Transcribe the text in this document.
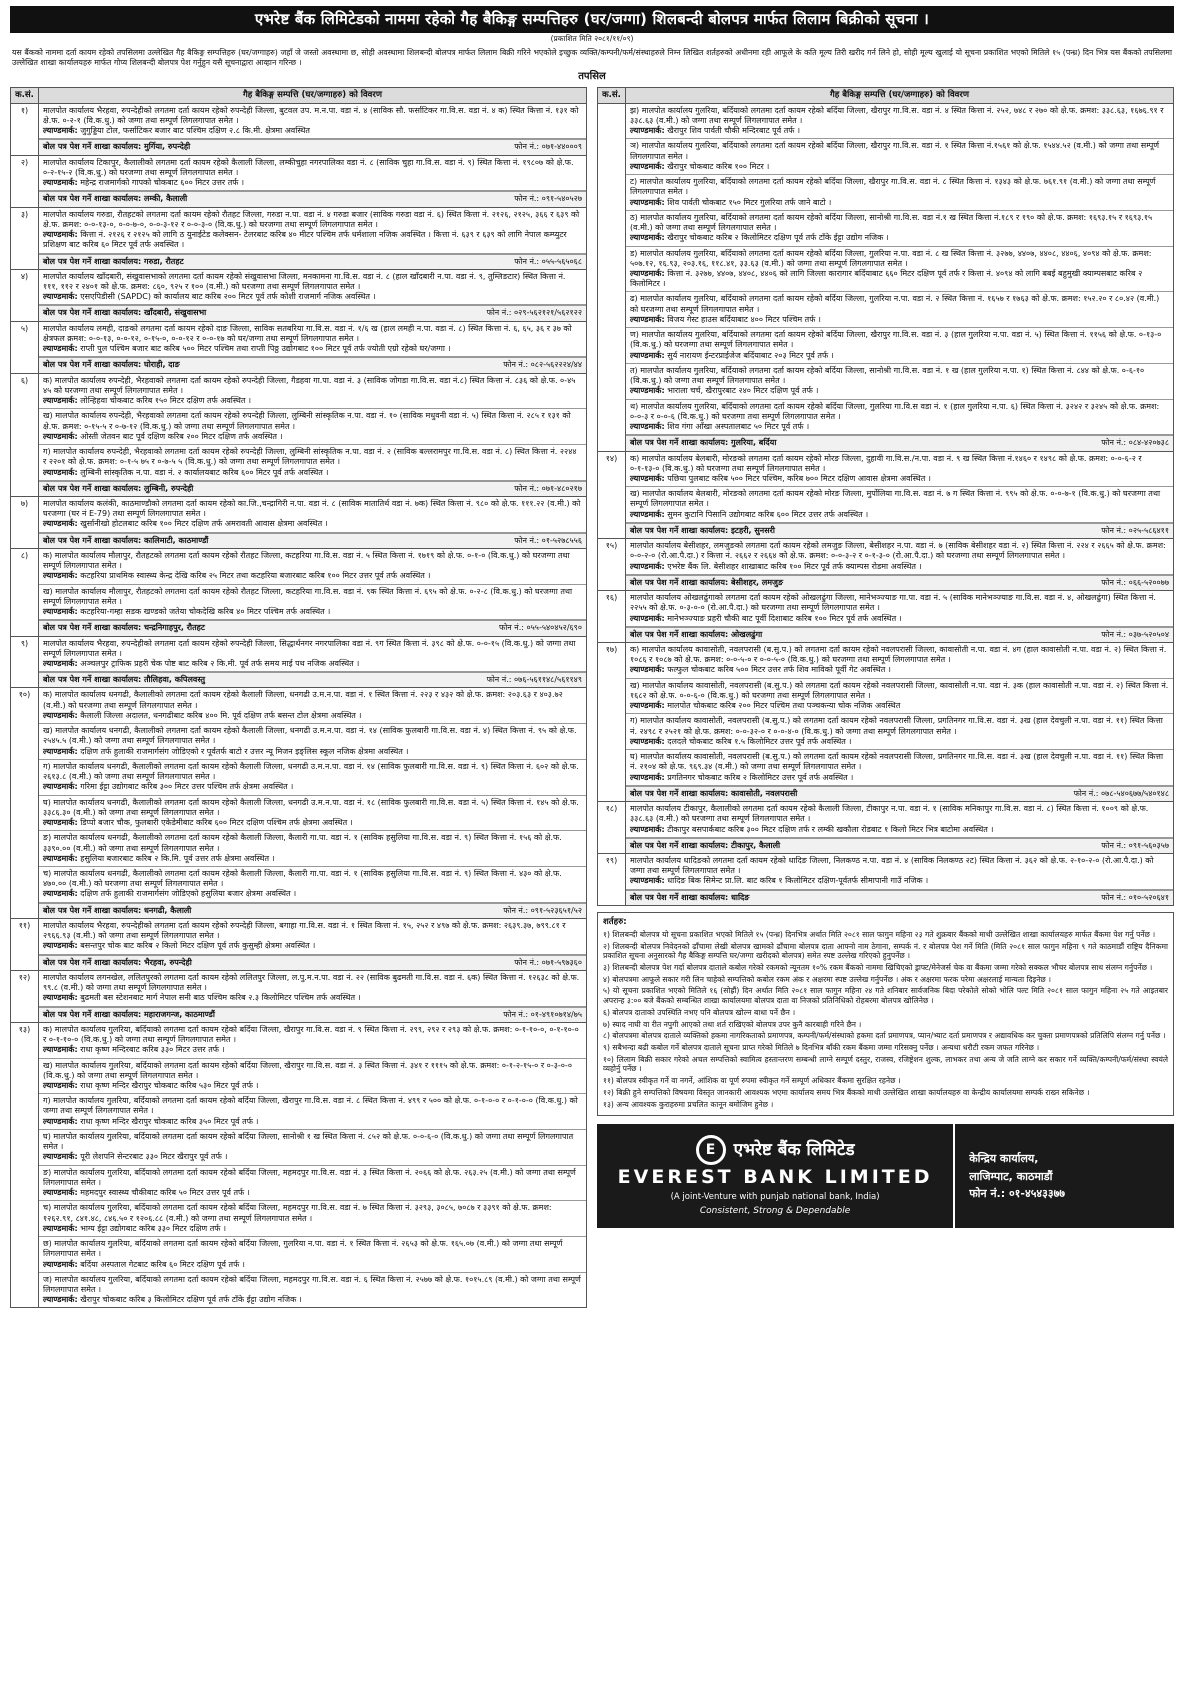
एभरेष्ट बैंक लिमिटेडको नाममा रहेको गैह बैकिङ्ग सम्पत्तिहरु (घर/जग्गा) शिलबन्दी बोलपत्र मार्फत लिलाम बिक्रीको सूचना ।
(प्रकाशित मिति २०८१/११/०९)

यस बैंकको नाममा दर्ता कायम रहेको तपसिलमा उल्लेखित गैह बैकिङ्ग सम्पत्तिहरु (घर/जग्गाहरु) जहाँ जे जस्तो अवस्थामा छ, सोही अवस्थामा शिलबन्दी बोलपत्र मार्फत लिलाम बिक्री गरिने भएकोले इच्छुक व्यक्ति/कम्पनी/फर्म/संस्थाहरुले निम्न लिखित शर्तहरुको अधीनमा रही आफूले के कति मूल्य तिरी खरीद गर्न लिने हो, सोही मूल्य खुलाई यो सूचना प्रकाशित भएको मितिले १५ (पन्ध्र) दिन भित्र यस बैंकको तपसिलमा उल्लेखित शाखा कार्यालयहरु मार्फत गोप्य शिलबन्दी बोलपत्र पेश गर्नुहुन यसै सूचनाद्वारा आव्हान गरिन्छ ।

तपसिल
क.सं.	गैह बैकिङ्ग सम्पत्ति (घर/जग्गाहरु) को विवरण
१)	मालपोत कार्यालय भैरहवा, रुपन्देहीको लगतमा दर्ता कायम रहेको रुपन्देही जिल्ला, बुटवल उप. म.न.पा. वडा नं. ४ (साविक सौ. फर्साटिकर गा.वि.स. वडा नं. ४ क) स्थित कित्ता नं. १३१ को क्षे.फ. ०-२-१ (वि.क.धु.) को जग्गा तथा सम्पूर्ण लिगलगापात समेत ।
ल्याण्डमार्क: जुगुड्डिया टोल, फर्साटिकर बजार बाट पश्चिम दक्षिण २.८ कि.मी. क्षेत्रमा अवस्थित
बोल पत्र पेश गर्ने शाखा कार्यालय: मुर्गिया, रुपन्देही	फोन नं.: ०७१-४४०००९
२)	मालपोत कार्यालय टिकापुर, कैलालीको लगतमा दर्ता कायम रहेको कैलाली जिल्ला, लम्कीचुहा नगरपालिका वडा नं. ८ (साविक चुहा गा.वि.स. वडा नं. ९) स्थित कित्ता नं. १९८०७ को क्षे.फ. ०-२-१५-२ (वि.क.धु.) को घरजग्गा तथा सम्पूर्ण लिगलगापात समेत ।
ल्याण्डमार्क: महेन्द्र राजमार्गको गापको चोकबाट ६०० मिटर उत्तर तर्फ ।
बोल पत्र पेश गर्ने शाखा कार्यालय: लम्की, कैलाली	फोन नं.: ०९१-५४०५२७
३)	मालपोत कार्यालय गरुडा, रौतहटको लगतमा दर्ता कायम रहेको रौतहट जिल्ला, गरुडा न.पा. वडा नं. ४ गरुडा बजार (साविक गरुडा वडा नं. ६) स्थित कित्ता नं. २१२६, २१२५, ३६६ र ६३९ को क्षे.फ. क्रमश: ०-०-१३-०, ०-०-७-०, ०-०-३-१२ र ०-०-३-० (वि.क.धु.) को घरजग्गा तथा सम्पूर्ण लिगलगापात समेत ।
ल्याण्डमार्क: कित्ता नं. २१२६ र २१२५ को लागि ठ युनाईटेड कलेक्सन- टेलरबाट करिब ४० मीटर पश्चिम तर्फ धर्मशाला नजिक अवस्थित । कित्ता नं. ६३९ र ६३९ को लागि नेपाल कम्प्युटर प्रशिक्षण बाट करिब ६० मिटर पूर्व तर्फ अवस्थित ।
बोल पत्र पेश गर्ने शाखा कार्यालय: गरुडा, रौतहट	फोन नं.: ०५५-५६५०६८
४)	मालपोत कार्यालय खाँदबारी, संखुवासभाको लगतमा दर्ता कायम रहेको संखुवासभा जिल्ला, मनकामना गा.वि.स. वडा नं. ८ (हाल खाँदबारी न.पा. वडा नं. ९, तुम्लिङटार) स्थित कित्ता नं. १११, ११२ र २४०१ को क्षे.फ. क्रमश: ८६०, ९२५ र १०० (व.मी.) को घरजग्गा तथा सम्पूर्ण लिगलगापात समेत ।
ल्याण्डमार्क: एसएपिडीसी (SAPDC) को कार्यालय बाट करिब २०० मिटर पूर्व तर्फ कोशी राजमार्ग नजिक अवस्थित ।
बोल पत्र पेश गर्ने शाखा कार्यालय: खाँदबारी, संखुवासभा	फोन नं.: ०२९-५६२१२१/५६२१२२
५)	मालपोत कार्यालय लमही, दाङको लगतमा दर्ता कायम रहेको दाङ जिल्ला, साविक सतबरिया गा.वि.स. वडा नं. १/६ ख (हाल लमही न.पा. वडा नं. ८) स्थित कित्ता नं. ६, ६५, ३६ र ३७ को क्षेत्रफल क्रमश: ०-०-१३, ०-०-१२, ०-१५-०, ०-०-१२ र ०-०-१७ को घर/जग्गा तथा सम्पूर्ण लिगलगापात समेत ।
ल्याण्डमार्क: राप्ती पुल पश्चिम बजार बाट करिब ५०० मिटर पश्चिम तथा राप्ती पिठ्ठ उद्योगबाट १०० मिटर पूर्व तर्फ ज्योती एग्रो रहेको घर/जग्गा ।
बोल पत्र पेश गर्ने शाखा कार्यालय: घोराही, दाङ	फोन नं.: ०८२-५६२२२४/४४
६)	क) मालपोत कार्यालय रुपन्देही, भैरहवाको लगतमा दर्ता कायम रहेको रुपन्देही जिल्ला, गैडहवा गा.पा. वडा नं. ३ (साविक जोगडा गा.वि.स. वडा नं.८) स्थित कित्ता नं. ८३६ को क्षे.फ. ०-४५ ४५ को घरजग्गा तथा सम्पूर्ण लिगलगापात समेत ।
ल्याण्डमार्क: लोन्हिहवा चोकबाट करिब १५० मिटर दक्षिण तर्फ अवस्थित ।
ख) मालपोत कार्यालय रुपन्देही, भैरहवाको लगतमा दर्ता कायम रहेको रुपन्देही जिल्ला, लुम्बिनी सांस्कृतिक न.पा. वडा नं. १० (साविक मधुवनी वडा नं. ५) स्थित कित्ता नं. २८५ र १३१ को क्षे.फ. क्रमश: ०-१५-५ र ०-७-१२ (वि.क.धु.) को जग्गा तथा सम्पूर्ण लिगलगापात समेत ।
ल्याण्डमार्क: ओस्ती जेतवन बाट पूर्व दक्षिण करिब २०० मिटर दक्षिण तर्फ अवस्थित ।
ग) मालपोत कार्यालय रुपन्देही, भैरहवाको लगतमा दर्ता कायम रहेको रुपन्देही जिल्ला, लुम्बिनी सांस्कृतिक न.पा. वडा नं. २ (साविक बल्लरामपुर गा.वि.स. वडा नं. ८) स्थित कित्ता नं. २२४४ र २२०१ को क्षे.फ. क्रमश: ०-१-५ ७५ र ०-७-५ ५ (वि.क.धु.) को जग्गा तथा सम्पूर्ण लिगलगापात समेत ।
ल्याण्डमार्क: लुम्बिनी सांस्कृतिक न.पा. वडा नं. २ कार्यालयबाट करिब ६०० मिटर पूर्व तर्फ अवस्थित ।
बोल पत्र पेश गर्ने शाखा कार्यालय: लुम्बिनी, रुपन्देही	फोन नं.: ०७१-४८०२१७
७)	मालपोत कार्यालय कलंकी, काठमाण्डौको लगतमा दर्ता कायम रहेको का.जि.,चन्द्रागिरी न.पा. वडा नं. ८ (साविक मातातिर्थ वडा नं. ७क) स्थित कित्ता नं. ९८० को क्षे.फ. १११.२२ (व.मी.) को घरजग्गा (घर नं E-79) तथा सम्पूर्ण लिगलगापात समेत ।
ल्याण्डमार्क: खुर्सानीखो होटलबाट करिब १०० मिटर दक्षिण तर्फ अमरावती आवास क्षेत्रमा अवस्थित ।
बोल पत्र पेश गर्ने शाखा कार्यालय: कालिमाटी, काठमाण्डौं	फोन नं.: ०१-५२७८५५६
८)	क) मालपोत कार्यालय मौलापुर, रौतहटको लगतमा दर्ता कायम रहेको रौतहट जिल्ला, कटहरिया गा.वि.स. वडा नं. ५ स्थित कित्ता नं. १७१९ को क्षे.फ. ०-१-० (वि.क.धु.) को घरजग्गा तथा सम्पूर्ण लिगलगापात समेत ।
ल्याण्डमार्क: कटहरिया प्राथमिक स्वास्थ्य केन्द्र देखि करिब २५ मिटर तथा कटहरिया बजारबाट करिब १०० मिटर उत्तर पूर्व तर्फ अवस्थित ।
ख) मालपोत कार्यालय मौलापुर, रौतहटको लगतमा दर्ता कायम रहेको रौतहट जिल्ला, कटहरिया गा.वि.स. वडा नं. ९क स्थित कित्ता नं. ६९५ को क्षे.फ. ०-२-८ (वि.क.धु.) को घरजग्गा तथा सम्पूर्ण लिगलगापात समेत ।
ल्याण्डमार्क: कटहरिया-गम्हा सडक खण्डको जतेया चोकदेखि करिब ४० मिटर पश्चिम तर्फ अवस्थित ।
बोल पत्र पेश गर्ने शाखा कार्यालय: चन्द्रनिगाहपुर, रौतहट	फोन नं.: ०५५-५४०४५२/६९०
९)	मालपोत कार्यालय भैरहवा, रुपन्देहीको लगतमा दर्ता कायम रहेको रुपन्देही जिल्ला, सिद्धार्थनगर नगरपालिका वडा नं. ९ग स्थित कित्ता नं. ३९८ को क्षे.फ. ०-०-१५ (वि.क.धु.) को जग्गा तथा सम्पूर्ण लिगलगापात समेत ।
ल्याण्डमार्क: अञ्चलपुर ट्राफिक प्रहरी चेक पोष्ट बाट करिब २ कि.मी. पूर्व तर्फ समय माई पथ नजिक अवस्थित ।
बोल पत्र पेश गर्ने शाखा कार्यालय: तौलिहवा, कपिलवस्तु	फोन नं.: ०७६-५६११४८/५६११४९
१०)	क) मालपोत कार्यालय धनगढी, कैलालीको लगतमा दर्ता कायम रहेको कैलाली जिल्ला, धनगढी उ.म.न.पा. वडा नं. १ स्थित कित्ता नं. २२३ र ४३२ को क्षे.फ. क्रमश: २०३.६३ र ४०३.७२ (व.मी.) को घरजग्गा तथा सम्पूर्ण लिगलगापात समेत ।
ल्याण्डमार्क: कैलाली जिल्ला अदालत, धनगढीबाट करिब ४०० मि. पूर्व दक्षिण तर्फ बसन्त टोल क्षेत्रमा अवस्थित ।
ख) मालपोत कार्यालय धनगढी, कैलालीको लगतमा दर्ता कायम रहेको कैलाली जिल्ला, धनगढी उ.म.न.पा. वडा नं. १४ (साविक फुलबारी गा.वि.स. वडा नं. ४) स्थित कित्ता नं. ९५ को क्षे.फ. २५४५.५ (व.मी.) को जग्गा तथा सम्पूर्ण लिगलगापात समेत ।
ल्याण्डमार्क: दक्षिण तर्फ हुलाकी राजमार्गसंग जोडिएको र पूर्वतर्फ बाटो र उत्तर न्यू मिजन इङ्लिस स्कूल नजिक क्षेत्रमा अवस्थित ।
ग) मालपोत कार्यालय धनगढी, कैलालीको लगतमा दर्ता कायम रहेको कैलाली जिल्ला, धनगढी उ.म.न.पा. वडा नं. १४ (साविक फुलबारी गा.वि.स. वडा नं. ९) स्थित कित्ता नं. ६०२ को क्षे.फ. २६१३.८ (व.मी.) को जग्गा तथा सम्पूर्ण लिगलगापात समेत ।
ल्याण्डमार्क: गरिमा ईट्टा उद्योगबाट करिब ३०० मिटर उत्तर पश्चिम तर्फ क्षेत्रमा अवस्थित ।
घ) मालपोत कार्यालय धनगढी, कैलालीको लगतमा दर्ता कायम रहेको कैलाली जिल्ला, धनगढी उ.म.न.पा. वडा नं. १८ (साविक फुलबारी गा.वि.स. वडा नं. ५) स्थित कित्ता नं. १४५ को क्षे.फ. ३३८६.३० (व.मी.) को जग्गा तथा सम्पूर्ण लिगलगापात समेत ।
ल्याण्डमार्क: डिप्पो बजार चौक, फुलबारी एकेडेमीबाट करिब ६०० मिटर दक्षिण पश्चिम तर्फ क्षेत्रमा अवस्थित ।
ङ) मालपोत कार्यालय धनगढी, कैलालीको लगतमा दर्ता कायम रहेको कैलाली जिल्ला, कैलारी गा.पा. वडा नं. १ (साविक हसुलिया गा.वि.स. वडा नं. ९) स्थित कित्ता नं. १५६ को क्षे.फ. ३३९०.०० (व.मी.) को जग्गा तथा सम्पूर्ण लिगलगापात समेत ।
ल्याण्डमार्क: हसुलिया बजारबाट करिब २ कि.मि. पूर्व उत्तर तर्फ क्षेत्रमा अवस्थित ।
च) मालपोत कार्यालय धनगढी, कैलालीको लगतमा दर्ता कायम रहेको कैलाली जिल्ला, कैलारी गा.पा. वडा नं. १ (साविक हसुलिया गा.वि.स. वडा नं. ९) स्थित कित्ता नं. ४३० को क्षे.फ. ४७०.०० (व.मी.) को घरजग्गा तथा सम्पूर्ण लिगलगापात समेत ।
ल्याण्डमार्क: दक्षिण तर्फ हुलाकी राजमार्गसंग जोडिएको हसुलिया बजार क्षेत्रमा अवस्थित ।
बोल पत्र पेश गर्ने शाखा कार्यालय: धनगढी, कैलाली	फोन नं.: ०९१-५२३६५१/५२
११)	मालपोत कार्यालय भैरहवा, रुपन्देहीको लगतमा दर्ता कायम रहेको रुपन्देही जिल्ला, बगाहा गा.वि.स. वडा नं. १ स्थित कित्ता नं. १५, २५२ र ४९७ को क्षे.फ. क्रमश: २६३९.३७, ७९९.८१ र २९६६.९३ (व.मी.) को जग्गा तथा सम्पूर्ण लिगलगापात समेत ।
ल्याण्डमार्क: बसन्तपुर चोक बाट करिब २ किलो मिटर दक्षिण पूर्व तर्फ कुसुम्ही क्षेत्रमा अवस्थित ।
बोल पत्र पेश गर्ने शाखा कार्यालय: भैरहवा, रुपन्देही	फोन नं.: ०७१-५९७३६०
१२)	मालपोत कार्यालय लगनखेल, ललितपुरको लगतमा दर्ता कायम रहेको ललितपुर जिल्ला, ल.पु.म.न.पा. वडा नं. २२ (साविक बुढमती गा.वि.स. वडा नं. ६क) स्थित कित्ता नं. १२६३८ को क्षे.फ. ९९.८ (व.मी.) को जग्गा तथा सम्पूर्ण लिगलगापात समेत ।
ल्याण्डमार्क: बुढमती बस स्टेशनबाट मार्ग नेपाल सनी बाठ पश्चिम करिब २.३ किलोमिटर पश्चिम तर्फ अवस्थित ।
बोल पत्र पेश गर्ने शाखा कार्यालय: महाराजगन्ज, काठमाण्डौं	फोन नं.: ०१-४९१०७१४/७५
१३)	क) मालपोत कार्यालय गुलरिया, बर्दियाको लगतमा दर्ता कायम रहेको बर्दिया जिल्ला, खैरापुर गा.वि.स. वडा नं. ९ स्थित कित्ता नं. २९९, २९२ र २९३ को क्षे.फ. क्रमश: ०-१-१०-०, ०-१-१०-० र ०-१-१०-० (वि.क.धु.) को जग्गा तथा सम्पूर्ण लिगलगापात समेत ।
ल्याण्डमार्क: राधा कृष्ण मन्दिरबाट करिब ३३० मिटर उत्तर तर्फ ।
ख) मालपोत कार्यालय गुलरिया, बर्दियाको लगतमा दर्ता कायम रहेको बर्दिया जिल्ला, खैरापुर गा.वि.स. वडा नं. ३ स्थित कित्ता नं. ३४१ र १११५ को क्षे.फ. क्रमश: ०-१-२-१५-० र ०-३-०-० (वि.क.धु.) को जग्गा तथा सम्पूर्ण लिगलगापात समेत ।
ल्याण्डमार्क: राधा कृष्ण मन्दिर खैरापुर चोकबाट करिब ५३० मिटर पूर्व तर्फ ।
ग) मालपोत कार्यालय गुलरिया, बर्दियाको लगतमा दर्ता कायम रहेको बर्दिया जिल्ला, खैरापुर गा.वि.स. वडा नं. ८ स्थित कित्ता नं. ४९९ र ५०० को क्षे.फ. ०-१-०-० र ०-१-०-० (वि.क.धु.) को जग्गा तथा सम्पूर्ण लिगलगापात समेत ।
ल्याण्डमार्क: राधा कृष्ण मन्दिर खैरापुर चोकबाट करिब ३५० मिटर पूर्व तर्फ ।
घ) मालपोत कार्यालय गुलरिया, बर्दियाको लगतमा दर्ता कायम रहेको बर्दिया जिल्ला, सानोश्री १ ख स्थित कित्ता नं. ८५२ को क्षे.फ. ०-०-६-० (वि.क.धु.) को जग्गा तथा सम्पूर्ण लिगलगापात समेत ।
ल्याण्डमार्क: पूरी लेशपनि सेन्टरबाट ३३० मिटर खैरापुर पूर्व तर्फ ।
ङ) मालपोत कार्यालय गुलरिया, बर्दियाको लगतमा दर्ता कायम रहेको बर्दिया जिल्ला, महमदपुर गा.वि.स. वडा नं. ३ स्थित कित्ता नं. २०६६ को क्षे.फ. २६३.२५ (व.मी.) को जग्गा तथा सम्पूर्ण लिगलगापात समेत ।
ल्याण्डमार्क: महमदपुर स्वास्थ्य चौकीबाट करिब ५० मिटर उत्तर पूर्व तर्फ ।
च) मालपोत कार्यालय गुलरिया, बर्दियाको लगतमा दर्ता कायम रहेको बर्दिया जिल्ला, महमदपुर गा.वि.स. वडा नं. ७ स्थित कित्ता नं. ३२९३, ३०८५, ७०८७ र ३३९१ को क्षे.फ. क्रमश: १२६२.९१, ८४१.४८, ८४६.५० र १२०६.८८ (व.मी.) को जग्गा तथा सम्पूर्ण लिगलगापात समेत ।
ल्याण्डमार्क: भाग्य ईट्टा उद्योगबाट करिब ३३० मिटर दक्षिण तर्फ ।
छ) मालपोत कार्यालय गुलरिया, बर्दियाको लगतमा दर्ता कायम रहेको बर्दिया जिल्ला, गुलरिया न.पा. वडा नं. १ स्थित कित्ता नं. २६५३ को क्षे.फ. १६५.०७ (व.मी.) को जग्गा तथा सम्पूर्ण लिगलगापात समेत ।
ल्याण्डमार्क: बर्दिया अस्पताल गेटबाट करिब ६० मिटर दक्षिण पूर्व तर्फ ।
ज) मालपोत कार्यालय गुलरिया, बर्दियाको लगतमा दर्ता कायम रहेको बर्दिया जिल्ला, महमदपुर गा.वि.स. वडा नं. ६ स्थित कित्ता नं. २५७७ को क्षे.फ. १०१५.८९ (व.मी.) को जग्गा तथा सम्पूर्ण लिगलगापात समेत ।
ल्याण्डमार्क: खैरापुर चोकबाट करिब ३ किलोमिटर दक्षिण पूर्व तर्फ टाँके ईट्टा उद्योग नजिक ।
क.सं.	गैह बैकिङ्ग सम्पत्ति (घर/जग्गाहरु) को विवरण
झ) मालपोत कार्यालय गुलरिया, बर्दियाको लगतमा दर्ता कायम रहेको बर्दिया जिल्ला, खैरापुर गा.वि.स. वडा नं. ४ स्थित कित्ता नं. २५२, ७४८ र २७० को क्षे.फ. क्रमश: ३३८.६३, १६७६.९१ र ३३८.६३ (व.मी.) को जग्गा तथा सम्पूर्ण लिगलगापात समेत ।
ल्याण्डमार्क: खैरापुर शिव पार्वती चौकी मन्दिरबाट पूर्व तर्फ ।
ञ) मालपोत कार्यालय गुलरिया, बर्दियाको लगतमा दर्ता कायम रहेको बर्दिया जिल्ला, खैरापुर गा.वि.स. वडा नं. १ स्थित कित्ता नं.१५६१ को क्षे.फ. १५४४.५२ (व.मी.) को जग्गा तथा सम्पूर्ण लिगलगापात समेत ।
ल्याण्डमार्क: खैरापुर चोकबाट करिब १०० मिटर ।
ट) मालपोत कार्यालय गुलरिया, बर्दियाको लगतमा दर्ता कायम रहेको बर्दिया जिल्ला, खैरापुर गा.वि.स. वडा नं. ८ स्थित कित्ता नं. १३४३ को क्षे.फ. ७६१.९१ (व.मी.) को जग्गा तथा सम्पूर्ण लिगलगापात समेत ।
ल्याण्डमार्क: शिव पार्वती चोकबाट १५० मिटर गुलरिया तर्फ जाने बाटो ।
ठ) मालपोत कार्यालय गुलरिया, बर्दियाको लगतमा दर्ता कायम रहेको बर्दिया जिल्ला, सानोश्री गा.वि.स. वडा नं.१ ख स्थित कित्ता नं.१८९ र १९० को क्षे.फ. क्रमश: १६९३.१५ र १६९३.१५ (व.मी.) को जग्गा तथा सम्पूर्ण लिगलगापात समेत ।
ल्याण्डमार्क: खैरापुर चोकबाट करिब २ किलोमिटर दक्षिण पूर्व तर्फ टाँके ईट्टा उद्योग नजिक ।
ड) मालपोत कार्यालय गुलरिया, बर्दियाको लगतमा दर्ता कायम रहेको बर्दिया जिल्ला, गुलरिया न.पा. वडा नं. ८ ख स्थित कित्ता नं. ३२७७, ४४०७, ४४०८, ४४०६, ४०९४ को क्षे.फ. क्रमश: ५०७.१२, १६.९३, २०३.१६, ११८.४१, ३३.६३ (व.मी.) को जग्गा तथा सम्पूर्ण लिगलगापात समेत ।
ल्याण्डमार्क: कित्ता नं. ३२७७, ४४०७, ४४०८, ४४०६ को लागि जिल्ला कारागार बर्दियाबाट ६६० मिटर दक्षिण पूर्व तर्फ र कित्ता नं. ४०९४ को लागि बबई बहुमुखी क्याम्पसबाट करिब २ किलोमिटर ।
ढ) मालपोत कार्यालय गुलरिया, बर्दियाको लगतमा दर्ता कायम रहेको बर्दिया जिल्ला, गुलरिया न.पा. वडा नं. २ स्थित कित्ता नं. १६५७ र १७६३ को क्षे.फ. क्रमश: १५२.२० र ८०.४२ (व.मी.) को घरजग्गा तथा सम्पूर्ण लिगलगापात समेत ।
ल्याण्डमार्क: विजय गेस्ट हाउस बर्दियाबाट ४०० मिटर पश्चिम तर्फ ।
ण) मालपोत कार्यालय गुलरिया, बर्दियाको लगतमा दर्ता कायम रहेको बर्दिया जिल्ला, खैरापुर गा.वि.स. वडा नं. ३ (हाल गुलरिया न.पा. वडा नं. ५) स्थित कित्ता नं. ११५६ को क्षे.फ. ०-१३-० (वि.क.धु.) को घरजग्गा तथा सम्पूर्ण लिगलगापात समेत ।
ल्याण्डमार्क: सुर्य नारायण ईन्टरप्राईजेज बर्दियाबाट २०३ मिटर पूर्व तर्फ ।
त) मालपोत कार्यालय गुलरिया, बर्दियाको लगतमा दर्ता कायम रहेको बर्दिया जिल्ला, सानोश्री गा.वि.स. वडा नं. १ ख (हाल गुलरिया न.पा. १) स्थित कित्ता नं. ८४४ को क्षे.फ. ०-६-१० (वि.क.धु.) को जग्गा तथा सम्पूर्ण लिगलगापात समेत ।
ल्याण्डमार्क: भाराला चर्च, खैरापुरबाट २४० मिटर दक्षिण पूर्व तर्फ ।
थ) मालपोत कार्यालय गुलरिया, बर्दियाको लगतमा दर्ता कायम रहेको बर्दिया जिल्ला, गुलरिया गा.वि.स वडा नं. १ (हाल गुलरिया न.पा. ६) स्थित कित्ता नं. ३२४२ र ३२४५ को क्षे.फ. क्रमश: ०-०-३ र ०-०-६ (वि.क.धु.) को घरजग्गा तथा सम्पूर्ण लिगलगापात समेत ।
ल्याण्डमार्क: शिव गंगा आँखा अस्पतालबाट ५० मिटर पूर्व तर्फ ।
बोल पत्र पेश गर्ने शाखा कार्यालय: गुलरिया, बर्दिया	फोन नं.: ०८४-४२०७३८
१४)	क) मालपोत कार्यालय बेलबारी, मोरङको लगतमा दर्ता कायम रहेको मोरङ जिल्ला, दुहावी गा.वि.स./न.पा. वडा नं. ९ ख स्थित कित्ता नं.१४६० र १४९८ को क्षे.फ. क्रमश: ०-०-६-२ र ०-१-१३-० (वि.क.धु.) को घरजग्गा तथा सम्पूर्ण लिगलगापात समेत ।
ल्याण्डमार्क: पछिया पुलबाट करिब ५०० मिटर पश्चिम, करिब ७०० मिटर दक्षिण आवास क्षेत्रमा अवस्थित ।
ख) मालपोत कार्यालय बेलबारी, मोरङको लगतमा दर्ता कायम रहेको मोरङ जिल्ला, मुर्पोलिया गा.वि.स. वडा नं. ७ ग स्थित कित्ता नं. ९९५ को क्षे.फ. ०-०-७-१ (वि.क.धु.) को घरजग्गा तथा सम्पूर्ण लिगलगापात समेत ।
ल्याण्डमार्क: सुमन कुटानि पिसानि उद्योगबाट करिब ६०० मिटर उत्तर तर्फ अवस्थित ।
बोल पत्र पेश गर्ने शाखा कार्यालय: इटहरी, सुनसरी	फोन नं.: ०२५-५८६४११
१५)	मालपोत कार्यालय बेसीशहर, लमजुङको लगतमा दर्ता कायम रहेको लमजुङ जिल्ला, बेसीशहर न.पा. वडा नं. ७ (साविक बेसीशहर वडा नं. २) स्थित कित्ता नं. २२४ र २६६५ को क्षे.फ. क्रमश: ०-०-२-० (रो.आ.पै.दा.) र कित्ता नं. २६६२ र २६६४ को क्षे.फ. क्रमश: ०-०-३-२ र ०-१-३-० (रो.आ.पै.दा.) को घरजग्गा तथा सम्पूर्ण लिगलगापात समेत ।
ल्याण्डमार्क: एभरेष्ट बैंक लि. बेसीशहर शाखाबाट करिब १०० मिटर पूर्व तर्फ क्याम्पस रोडमा अवस्थित ।
बोल पत्र पेश गर्ने शाखा कार्यालय: बेसीशहर, लमजुङ	फोन नं.: ०६६-५२००७७
१६)	मालपोत कार्यालय ओखलढुंगाको लगतमा दर्ता कायम रहेको ओखलढुंगा जिल्ला, मानेभञ्ज्याङ गा.पा. वडा नं. ५ (साविक मानेभञ्ज्याङ गा.वि.स. वडा नं. ४, ओखलढुंगा) स्थित कित्ता नं. २२५५ को क्षे.फ. ०-३-०-० (रो.आ.पै.दा.) को घरजग्गा तथा सम्पूर्ण लिगलगापात समेत ।
ल्याण्डमार्क: मानेभञ्ज्याङ प्रहरी चौकी बाट पूर्वी दिशाबाट करिब १०० मिटर पूर्व तर्फ अवस्थित ।
बोल पत्र पेश गर्ने शाखा कार्यालय: ओखलढुंगा	फोन नं.: ०३७-५२०५०४
१७)	क) मालपोत कार्यालय कावासोती, नवलपरासी (ब.सु.प.) को लगतमा दर्ता कायम रहेको नवलपरासी जिल्ला, कावासोती न.पा. वडा नं. ४ग (हाल कावासोती न.पा. वडा नं. २) स्थित कित्ता नं. १०८६ र १०८७ को क्षे.फ. क्रमश: ०-०-५-० र ०-०-५-० (वि.क.धु.) को घरजग्गा तथा सम्पूर्ण लिगलगापात समेत ।
ल्याण्डमार्क: फल्फुल चोकबाट करिब ५०० मिटर उत्तर तर्फ शिव माविको पूर्वी गेट अवस्थित ।
ख) मालपोत कार्यालय कावासोती, नवलपरासी (ब.सु.प.) को लगतमा दर्ता कायम रहेको नवलपरासी जिल्ला, कावासोती न.पा. वडा नं. ३क (हाल कावासोती न.पा. वडा नं. २) स्थित कित्ता नं. १६८२ को क्षे.फ. ०-०-६-० (वि.क.धु.) को घरजग्गा तथा सम्पूर्ण लिगलगापात समेत ।
ल्याण्डमार्क: मालपोत चोकबाट करिब २०० मिटर पश्चिम तथा पञ्चकन्या चोक नजिक अवस्थित
ग) मालपोत कार्यालय कावासोती, नवलपरासी (ब.सु.प.) को लगतमा दर्ता कायम रहेको नवलपरासी जिल्ला, प्रगतिनगर गा.वि.स. वडा नं. ३ख (हाल देवचुली न.पा. वडा नं. ११) स्थित कित्ता नं. २४९८ र २५२१ को क्षे.फ. क्रमश: ०-०-३२-० र ०-०-४-० (वि.क.धु.) को जग्गा तथा सम्पूर्ण लिगलगापात समेत ।
ल्याण्डमार्क: दलदले चोकबाट करिब १.५ किलोमिटर उत्तर पूर्व तर्फ अवस्थित ।
घ) मालपोत कार्यालय कावासोती, नवलपरासी (ब.सु.प.) को लगतमा दर्ता कायम रहेको नवलपरासी जिल्ला, प्रगतिनगर गा.वि.स. वडा नं. ३ख (हाल देवचुली न.पा. वडा नं. ११) स्थित कित्ता नं. २१०४ को क्षे.फ. ९६९.३४ (व.मी.) को जग्गा तथा सम्पूर्ण लिगलगापात समेत ।
ल्याण्डमार्क: प्रगतिनगर चोकबाट करिब २ किलोमिटर उत्तर पूर्व तर्फ अवस्थित ।
बोल पत्र पेश गर्ने शाखा कार्यालय: कावासोती, नवलपरासी	फोन नं.: ०७८-५४०६७७/५४०१४८
१८)	मालपोत कार्यालय टीकापुर, कैलालीको लगतमा दर्ता कायम रहेको कैलाली जिल्ला, टीकापुर न.पा. वडा नं. १ (साविक मनिकापुर गा.वि.स. वडा नं. ८) स्थित कित्ता नं. १००९ को क्षे.फ. ३३८.६३ (व.मी.) को घरजग्गा तथा सम्पूर्ण लिगलगापात समेत ।
ल्याण्डमार्क: टीकापुर बसपार्कबाट करिब ३०० मिटर दक्षिण तर्फ र लम्की खकौला रोडबाट १ किलो मिटर भित्र बाटोमा अवस्थित ।
बोल पत्र पेश गर्ने शाखा कार्यालय: टीकापुर, कैलाली	फोन नं.: ०९१-५६०३५७
१९)	मालपोत कार्यालय धादिङको लगतमा दर्ता कायम रहेको धादिङ जिल्ला, निलकण्ठ न.पा. वडा नं. ४ (साविक निलकण्ठ २ट) स्थित कित्ता नं. ३६२ को क्षे.फ. २-१०-२-० (रो.आ.पै.दा.) को जग्गा तथा सम्पूर्ण लिगलगापात समेत ।
ल्याण्डमार्क: धादिङ बिक सिमेन्ट प्रा.लि. बाट करिब १ किलोमिटर दक्षिण-पूर्वतर्फ सीमापानी गाउँ नजिक ।
बोल पत्र पेश गर्ने शाखा कार्यालय: धादिङ	फोन नं.: ०१०-५२०६४१
शर्तहरु:
१) शिलबन्दी बोलपत्र यो सूचना प्रकाशित भएको मितिले १५ (पन्ध्र) दिनभित्र अर्थात मिति २०८१ साल फागुन महिना २३ गते शुक्रबार बैंकको माथी उल्लेखित शाखा कार्यालयहरु मार्फत बैंकमा पेश गर्नु पर्नेछ ।
२) शिलबन्दी बोलपत्र निवेदनको ढाँचामा लेखी बोलपत्र खामको ढाँचामा बोलपत्र दाता आफ्नो नाम ठेगाना, सम्पर्क नं. र बोलपत्र पेश गर्ने मिति (मिति २०८१ साल फागुन महिना ९ गते काठमाडौं राष्ट्रिय दैनिकमा प्रकाशित सूचना अनुसारको गैह बैकिङ्ग सम्पत्ति घर/जग्गा खरीदको बोलपत्र) समेत स्पष्ट उल्लेख गरिएको हुनुपर्नेछ ।
३) शिलबन्दी बोलपत्र पेश गर्दा बोलपत्र दाताले कबोल गरेको रकमको न्यूनतम १०% रकम बैंकको नाममा खिचिएको ड्राफ्ट/मेनेजर्स चेक वा बैंकमा जम्मा गरेको सक्कल भौचर बोलपत्र साथ संलग्न गर्नुपर्नेछ ।
४) बोलपत्रमा आफूले सकार गरी लिन चाहेको सम्पत्तिको कबोल रकम अंक र अक्षरमा स्पष्ट उल्लेख गर्नुपर्नेछ । अंक र अक्षरमा फरक परेमा अक्षरलाई मान्यता दिइनेछ ।
५) यो सूचना प्रकाशित भएको मितिले १६ (सोह्रौं) दिन अर्थात मिति २०८१ साल फागुन महिना २४ गते शनिबार सार्वजनिक बिदा परेकोले सोको भोलि पल्ट मिति २०८१ साल फागुन महिना २५ गते आइतबार अपरान्ह ३:०० बजे बैंकको सम्बन्धित शाखा कार्यालयमा बोलपत्र दाता वा निजको प्रतिनिधिको रोहबरमा बोलपत्र खोलिनेछ ।
६) बोलपत्र दाताको उपस्थिति नभए पनि बोलपत्र खोल्न बाधा पर्ने छैन ।
७) स्याद नाघी वा रीत नपुगी आएको तथा शर्त राखिएको बोलपत्र उपर कुनै कारबाही गरिने छैन ।
८) बोलपत्रमा बोलपत्र दाताले व्यक्तिको हकमा नागरिकताको प्रमाणपत्र, कम्पनी/फर्म/संस्थाको हकमा दर्ता प्रमाणपत्र, प्यान/भ्याट दर्ता प्रमाणपत्र र अद्यावधिक कर चुक्ता प्रमाणपत्रको प्रतिलिपि संलग्न गर्नु पर्नेछ ।
९) सबैभन्दा बढी कबोल गर्ने बोलपत्र दाताले सूचना प्राप्त गरेको मितिले ७ दिनभित्र बाँकी रकम बैंकमा जम्मा गरिसक्नु पर्नेछ । अन्यथा धरौटी रकम जफत गरिनेछ ।
१०) लिलाम बिक्री सकार गरेको अचल सम्पत्तिको स्वामित्व हस्तान्तरण सम्बन्धी लाग्ने सम्पूर्ण दस्तुर, राजस्व, रजिष्ट्रेशन शुल्क, लाभकर तथा अन्य जे जति लाग्ने कर सकार गर्ने व्यक्ति/कम्पनी/फर्म/संस्था स्वयंले व्यहोर्नु पर्नेछ ।
११) बोलपत्र स्वीकृत गर्ने वा नगर्ने, आंशिक वा पूर्ण रुपमा स्वीकृत गर्ने सम्पूर्ण अधिकार बैंकमा सुरक्षित रहनेछ ।
१२) बिक्री हुने सम्पत्तिको विषयमा विस्तृत जानकारी आवश्यक भएमा कार्यालय समय भित्र बैंकको माथी उल्लेखित शाखा कार्यालयहरु वा केन्द्रीय कार्यालयमा सम्पर्क राख्न सकिनेछ ।
१३) अन्य आवश्यक कुराहरुमा प्रचलित कानून बमोजिम हुनेछ ।
E	एभरेष्ट बैंक लिमिटेड
EVEREST BANK LIMITED
(A joint-Venture with punjab national bank, India)
Consistent, Strong & Dependable
केन्द्रिय कार्यालय,
लाजिम्पाट, काठमाडौं
फोन नं.: ०१-४५४३३७७
